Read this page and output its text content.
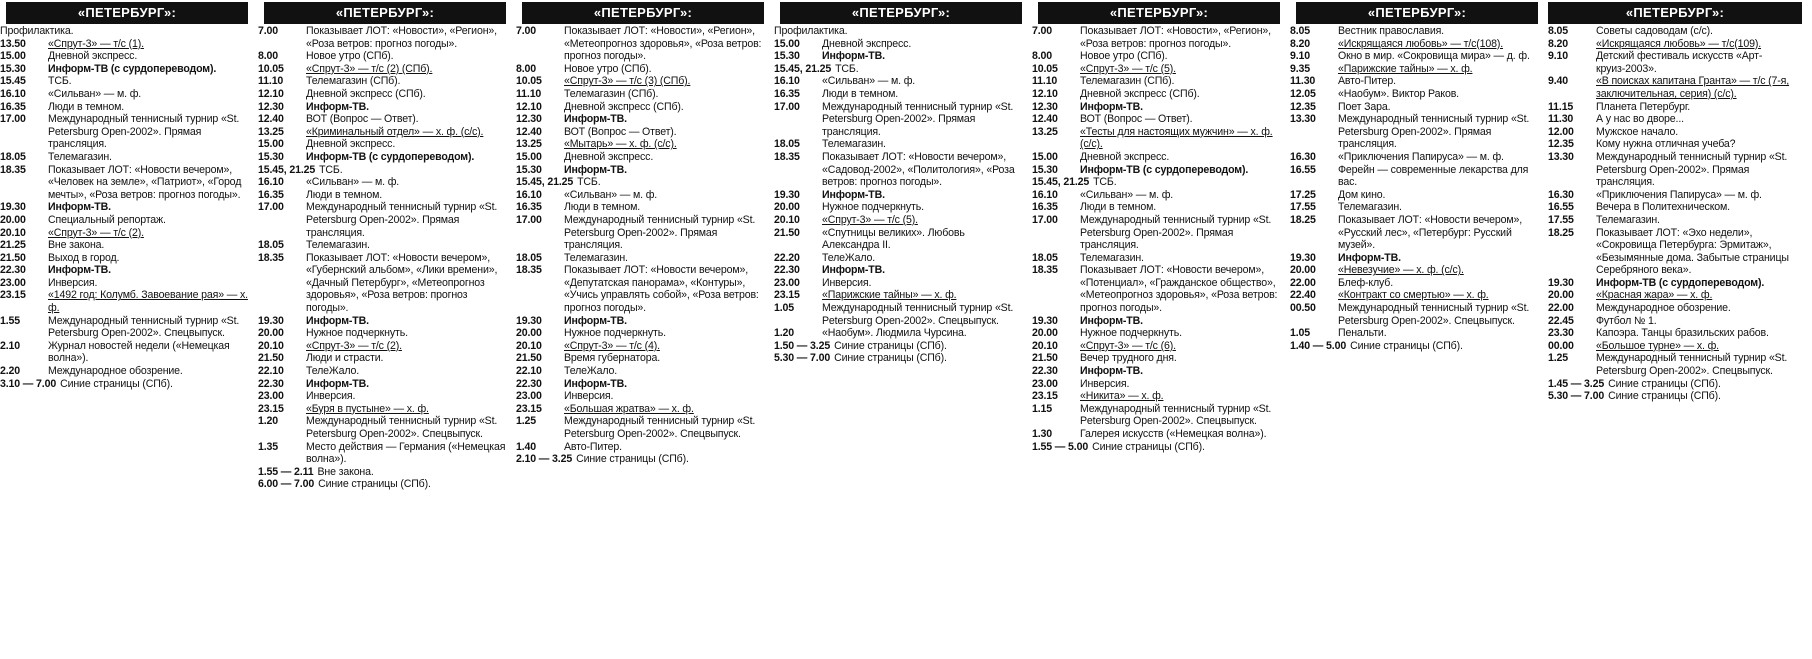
«ПЕТЕРБУРГ»:
Профилактика.
13.50	«Спрут-3» — т/с (1).
15.00	Дневной экспресс.
15.30	Информ-ТВ (с сурдопереводом).
15.45	ТСБ.
16.10	«Сильван» — м. ф.
16.35	Люди в темном.
17.00	Международный теннисный турнир «St. Petersburg Open-2002». Прямая трансляция.
18.05	Телемагазин.
18.35	Показывает ЛОТ: «Новости вечером», «Человек на земле», «Патриот», «Город мечты», «Роза ветров: прогноз погоды».
19.30	Информ-ТВ.
20.00	Специальный репортаж.
20.10	«Спрут-3» — т/с (2).
21.25	Вне закона.
21.50	Выход в город.
22.30	Информ-ТВ.
23.00	Инверсия.
23.15	«1492 год: Колумб. Завоевание рая» — х. ф.
1.55	Международный теннисный турнир «St. Petersburg Open-2002». Спецвыпуск.
2.10	Журнал новостей недели («Немецкая волна»).
2.20	Международное обозрение.
3.10 — 7.00 Синие страницы (СПб).
«ПЕТЕРБУРГ»:
7.00	Показывает ЛОТ: «Новости», «Регион», «Роза ветров: прогноз погоды».
8.00	Новое утро (СПб).
10.05	«Спрут-3» — т/с (2) (СПб).
11.10	Телемагазин (СПб).
12.10	Дневной экспресс (СПб).
12.30	Информ-ТВ.
12.40	ВОТ (Вопрос — Ответ).
13.25	«Криминальный отдел» — х. ф. (с/с).
15.00	Дневной экспресс.
15.30	Информ-ТВ (с сурдопереводом).
15.45, 21.25 ТСБ.
16.10	«Сильван» — м. ф.
16.35	Люди в темном.
17.00	Международный теннисный турнир «St. Petersburg Open-2002». Прямая трансляция.
18.05	Телемагазин.
18.35	Показывает ЛОТ: «Новости вечером», «Губернский альбом», «Лики времени», «Дачный Петербург», «Метеопрогноз здоровья», «Роза ветров: прогноз погоды».
19.30	Информ-ТВ.
20.00	Нужное подчеркнуть.
20.10	«Спрут-3» — т/с (2).
21.50	Люди и страсти.
22.10	ТелеЖало.
22.30	Информ-ТВ.
23.00	Инверсия.
23.15	«Буря в пустыне» — х. ф.
1.20	Международный теннисный турнир «St. Petersburg Open-2002». Спецвыпуск.
1.35	Место действия — Германия («Немецкая волна»).
1.55 — 2.11 Вне закона.
6.00 — 7.00 Синие страницы (СПб).
«ПЕТЕРБУРГ»:
7.00	Показывает ЛОТ: «Новости», «Регион», «Метеопрогноз здоровья», «Роза ветров: прогноз погоды».
8.00	Новое утро (СПб).
10.05	«Спрут-3» — т/с (3) (СПб).
11.10	Телемагазин (СПб).
12.10	Дневной экспресс (СПб).
12.30	Информ-ТВ.
12.40	ВОТ (Вопрос — Ответ).
13.25	«Мытарь» — х. ф. (с/с).
15.00	Дневной экспресс.
15.30	Информ-ТВ.
15.45, 21.25 ТСБ.
16.10	«Сильван» — м. ф.
16.35	Люди в темном.
17.00	Международный теннисный турнир «St. Petersburg Open-2002». Прямая трансляция.
18.05	Телемагазин.
18.35	Показывает ЛОТ: «Новости вечером», «Депутатская панорама», «Контуры», «Учись управлять собой», «Роза ветров: прогноз погоды».
19.30	Информ-ТВ.
20.00	Нужное подчеркнуть.
20.10	«Спрут-3» — т/с (4).
21.50	Время губернатора.
22.10	ТелеЖало.
22.30	Информ-ТВ.
23.00	Инверсия.
23.15	«Большая жратва» — х. ф.
1.25	Международный теннисный турнир «St. Petersburg Open-2002». Спецвыпуск.
1.40	Авто-Питер.
2.10 — 3.25 Синие страницы (СПб).
«ПЕТЕРБУРГ»:
Профилактика.
15.00	Дневной экспресс.
15.30	Информ-ТВ.
15.45, 21.25 ТСБ.
16.10	«Сильван» — м. ф.
16.35	Люди в темном.
17.00	Международный теннисный турнир «St. Petersburg Open-2002». Прямая трансляция.
18.05	Телемагазин.
18.35	Показывает ЛОТ: «Новости вечером», «Садовод-2002», «Политология», «Роза ветров: прогноз погоды».
19.30	Информ-ТВ.
20.00	Нужное подчеркнуть.
20.10	«Спрут-3» — т/с (5).
21.50	«Спутницы великих». Любовь Александра II.
22.20	ТелеЖало.
22.30	Информ-ТВ.
23.00	Инверсия.
23.15	«Парижские тайны» — х. ф.
1.05	Международный теннисный турнир «St. Petersburg Open-2002». Спецвыпуск.
1.20	«Наобум». Людмила Чурсина.
1.50 — 3.25 Синие страницы (СПб).
5.30 — 7.00 Синие страницы (СПб).
«ПЕТЕРБУРГ»:
7.00	Показывает ЛОТ: «Новости», «Регион», «Роза ветров: прогноз погоды».
8.00	Новое утро (СПб).
10.05	«Спрут-3» — т/с (5).
11.10	Телемагазин (СПб).
12.10	Дневной экспресс (СПб).
12.30	Информ-ТВ.
12.40	ВОТ (Вопрос — Ответ).
13.25	«Тесты для настоящих мужчин» — х. ф. (с/с).
15.00	Дневной экспресс.
15.30	Информ-ТВ (с сурдопереводом).
15.45, 21.25 ТСБ.
16.10	«Сильван» — м. ф.
16.35	Люди в темном.
17.00	Международный теннисный турнир «St. Petersburg Open-2002». Прямая трансляция.
18.05	Телемагазин.
18.35	Показывает ЛОТ: «Новости вечером», «Потенциал», «Гражданское общество», «Метеопрогноз здоровья», «Роза ветров: прогноз погоды».
19.30	Информ-ТВ.
20.00	Нужное подчеркнуть.
20.10	«Спрут-3» — т/с (6).
21.50	Вечер трудного дня.
22.30	Информ-ТВ.
23.00	Инверсия.
23.15	«Никита» — х. ф.
1.15	Международный теннисный турнир «St. Petersburg Open-2002». Спецвыпуск.
1.30	Галерея искусств («Немецкая волна»).
1.55 — 5.00 Синие страницы (СПб).
«ПЕТЕРБУРГ»:
8.05	Вестник православия.
8.20	«Искрящаяся любовь» — т/с(108).
9.10	Окно в мир. «Сокровища мира» — д. ф.
9.35	«Парижские тайны» — х. ф.
11.30	Авто-Питер.
12.05	«Наобум». Виктор Раков.
12.35	Поет Зара.
13.30	Международный теннисный турнир «St. Petersburg Open-2002». Прямая трансляция.
16.30	«Приключения Папируса» — м. ф.
16.55	Ферейн — современные лекарства для вас.
17.25	Дом кино.
17.55	Телемагазин.
18.25	Показывает ЛОТ: «Новости вечером», «Русский лес», «Петербург: Русский музей».
19.30	Информ-ТВ.
20.00	«Невезучие» — х. ф. (с/с).
22.00	Блеф-клуб.
22.40	«Контракт со смертью» — х. ф.
00.50	Международный теннисный турнир «St. Petersburg Open-2002». Спецвыпуск.
1.05	Пенальти.
1.40 — 5.00 Синие страницы (СПб).
«ПЕТЕРБУРГ»:
8.05	Советы садоводам (с/с).
8.20	«Искрящаяся любовь» — т/с(109).
9.10	Детский фестиваль искусств «Арт-круиз-2003».
9.40	«В поисках капитана Гранта» — т/с (7-я, заключительная, серия) (с/с).
11.15	Планета Петербург.
11.30	А у нас во дворе...
12.00	Мужское начало.
12.35	Кому нужна отличная учеба?
13.30	Международный теннисный турнир «St. Petersburg Open-2002». Прямая трансляция.
16.30	«Приключения Папируса» — м. ф.
16.55	Вечера в Политехническом.
17.55	Телемагазин.
18.25	Показывает ЛОТ: «Эхо недели», «Сокровища Петербурга: Эрмитаж», «Безымянные дома. Забытые страницы Серебряного века».
19.30	Информ-ТВ (с сурдопереводом).
20.00	«Красная жара» — х. ф.
22.00	Международное обозрение.
22.45	Футбол № 1.
23.30	Капоэра. Танцы бразильских рабов.
00.00	«Большое турне» — х. ф.
1.25	Международный теннисный турнир «St. Petersburg Open-2002». Спецвыпуск.
1.45 — 3.25 Синие страницы (СПб).
5.30 — 7.00 Синие страницы (СПб).
